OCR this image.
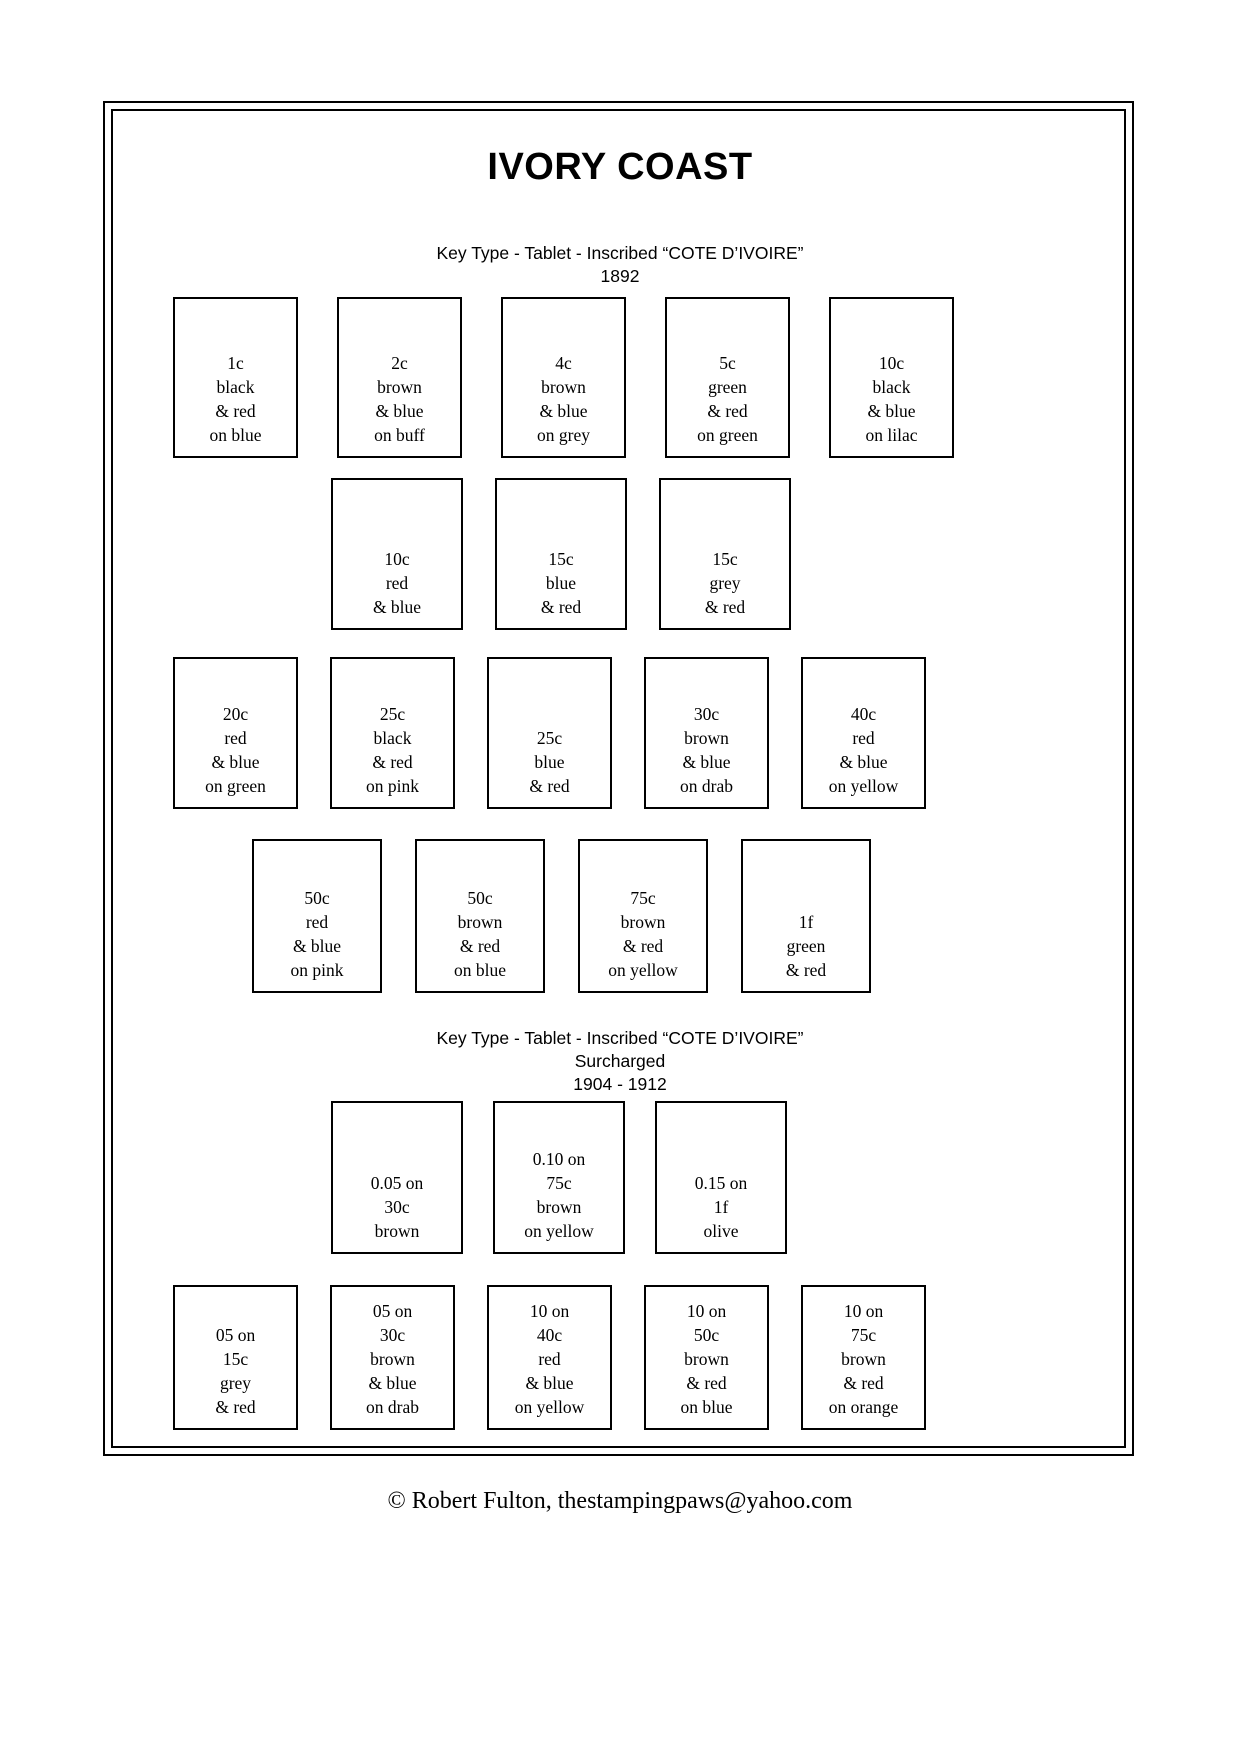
IVORY COAST
Key Type - Tablet - Inscribed “COTE D’IVOIRE”
1892
1c
black
& red
on blue
2c
brown
& blue
on buff
4c
brown
& blue
on grey
5c
green
& red
on green
10c
black
& blue
on lilac
10c
red
& blue
15c
blue
& red
15c
grey
& red
20c
red
& blue
on green
25c
black
& red
on pink
25c
blue
& red
30c
brown
& blue
on drab
40c
red
& blue
on yellow
50c
red
& blue
on pink
50c
brown
& red
on blue
75c
brown
& red
on yellow
1f
green
& red
Key Type - Tablet - Inscribed “COTE D’IVOIRE”
Surcharged
1904 - 1912
0.05 on
30c
brown
0.10 on
75c
brown
on yellow
0.15 on
1f
olive
05 on
15c
grey
& red
05 on
30c
brown
& blue
on drab
10 on
40c
red
& blue
on yellow
10 on
50c
brown
& red
on blue
10 on
75c
brown
& red
on orange
© Robert Fulton, thestampingpaws@yahoo.com
